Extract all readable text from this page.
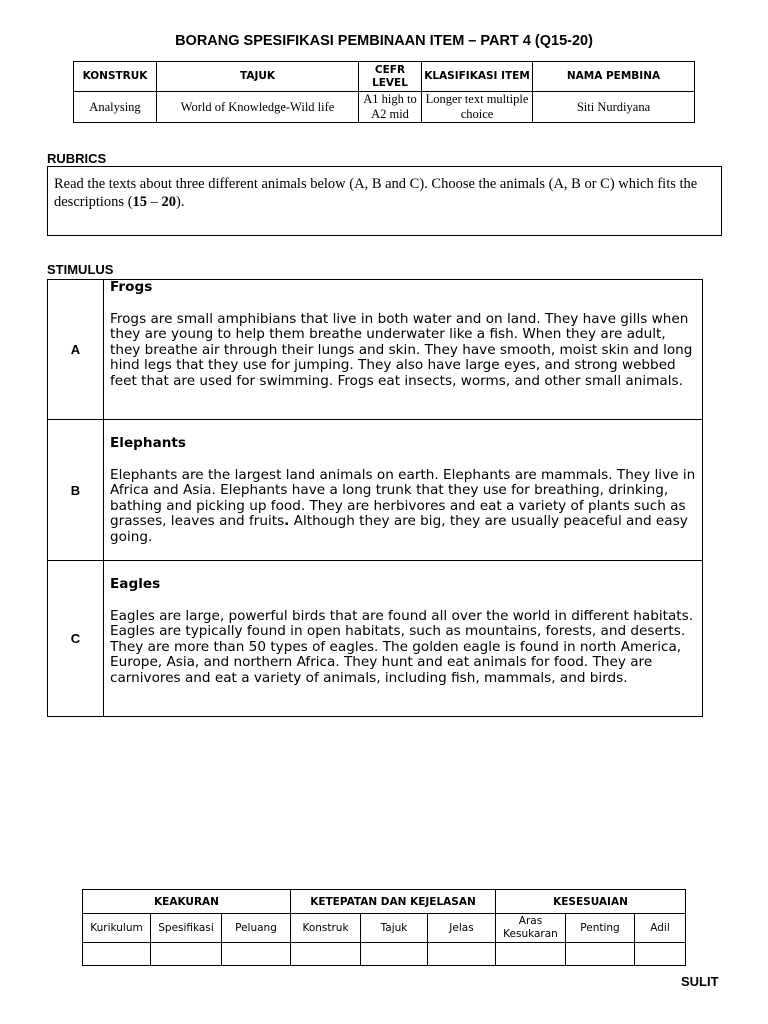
BORANG SPESIFIKASI PEMBINAAN ITEM – PART 4 (Q15-20)
KONSTRUK	TAJUK	CEFR LEVEL	KLASIFIKASI ITEM	NAMA PEMBINA
Analysing	World of Knowledge-Wild life	A1 high to A2 mid	Longer text multiple choice	Siti Nurdiyana
RUBRICS
Read the texts about three different animals below (A, B and C). Choose the animals (A, B or C) which fits the descriptions (15 – 20).
STIMULUS
A	Frogs
Frogs are small amphibians that live in both water and on land. They have gills when they are young to help them breathe underwater like a fish. When they are adult, they breathe air through their lungs and skin. They have smooth, moist skin and long hind legs that they use for jumping. They also have large eyes, and strong webbed feet that are used for swimming. Frogs eat insects, worms, and other small animals.
B	Elephants
Elephants are the largest land animals on earth. Elephants are mammals. They live in Africa and Asia. Elephants have a long trunk that they use for breathing, drinking, bathing and picking up food. They are herbivores and eat a variety of plants such as grasses, leaves and fruits. Although they are big, they are usually peaceful and easy going.
C	Eagles
Eagles are large, powerful birds that are found all over the world in different habitats. Eagles are typically found in open habitats, such as mountains, forests, and deserts. They are more than 50 types of eagles. The golden eagle is found in north America, Europe, Asia, and northern Africa. They hunt and eat animals for food. They are carnivores and eat a variety of animals, including fish, mammals, and birds.
KEAKURAN			KETEPATAN DAN KEJELASAN			KESESUAIAN		
Kurikulum	Spesifikasi	Peluang	Konstruk	Tajuk	Jelas	Aras Kesukaran	Penting	Adil

SULIT
